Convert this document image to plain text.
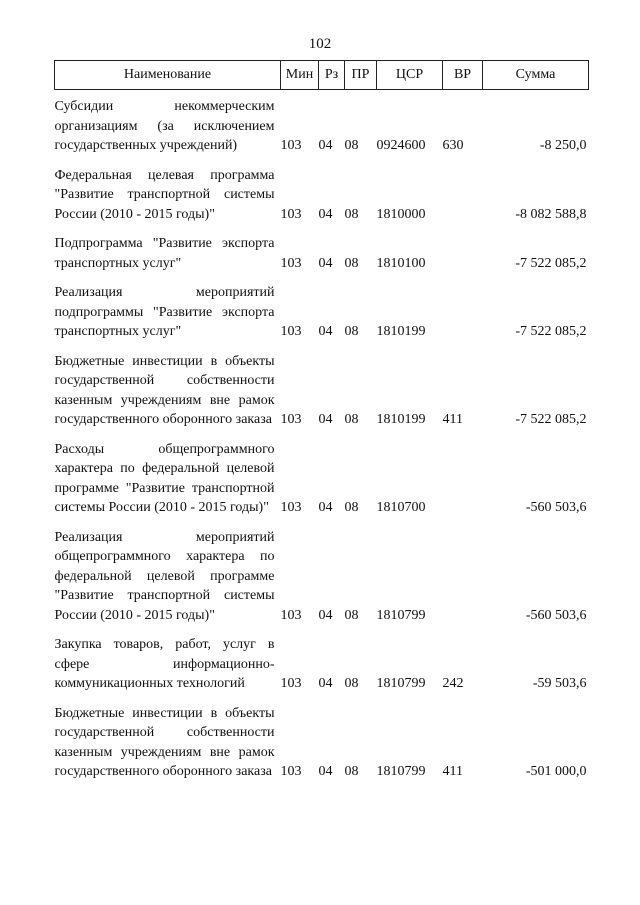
102
Наименование	Мин	Рз	ПР	ЦСР	ВР	Сумма
Субсидии некоммерческим организациям (за исключением государственных учреждений)	103	04	08	0924600	630	-8 250,0
Федеральная целевая программа "Развитие транспортной системы России (2010 - 2015 годы)"	103	04	08	1810000		-8 082 588,8
Подпрограмма "Развитие экспорта транспортных услуг"	103	04	08	1810100		-7 522 085,2
Реализация мероприятий подпрограммы "Развитие экспорта транспортных услуг"	103	04	08	1810199		-7 522 085,2
Бюджетные инвестиции в объекты государственной собственности казенным учреждениям вне рамок государственного оборонного заказа	103	04	08	1810199	411	-7 522 085,2
Расходы общепрограммного характера по федеральной целевой программе "Развитие транспортной системы России (2010 - 2015 годы)"	103	04	08	1810700		-560 503,6
Реализация мероприятий общепрограммного характера по федеральной целевой программе "Развитие транспортной системы России (2010 - 2015 годы)"	103	04	08	1810799		-560 503,6
Закупка товаров, работ, услуг в сфере информационно-коммуникационных технологий	103	04	08	1810799	242	-59 503,6
Бюджетные инвестиции в объекты государственной собственности казенным учреждениям вне рамок государственного оборонного заказа	103	04	08	1810799	411	-501 000,0
